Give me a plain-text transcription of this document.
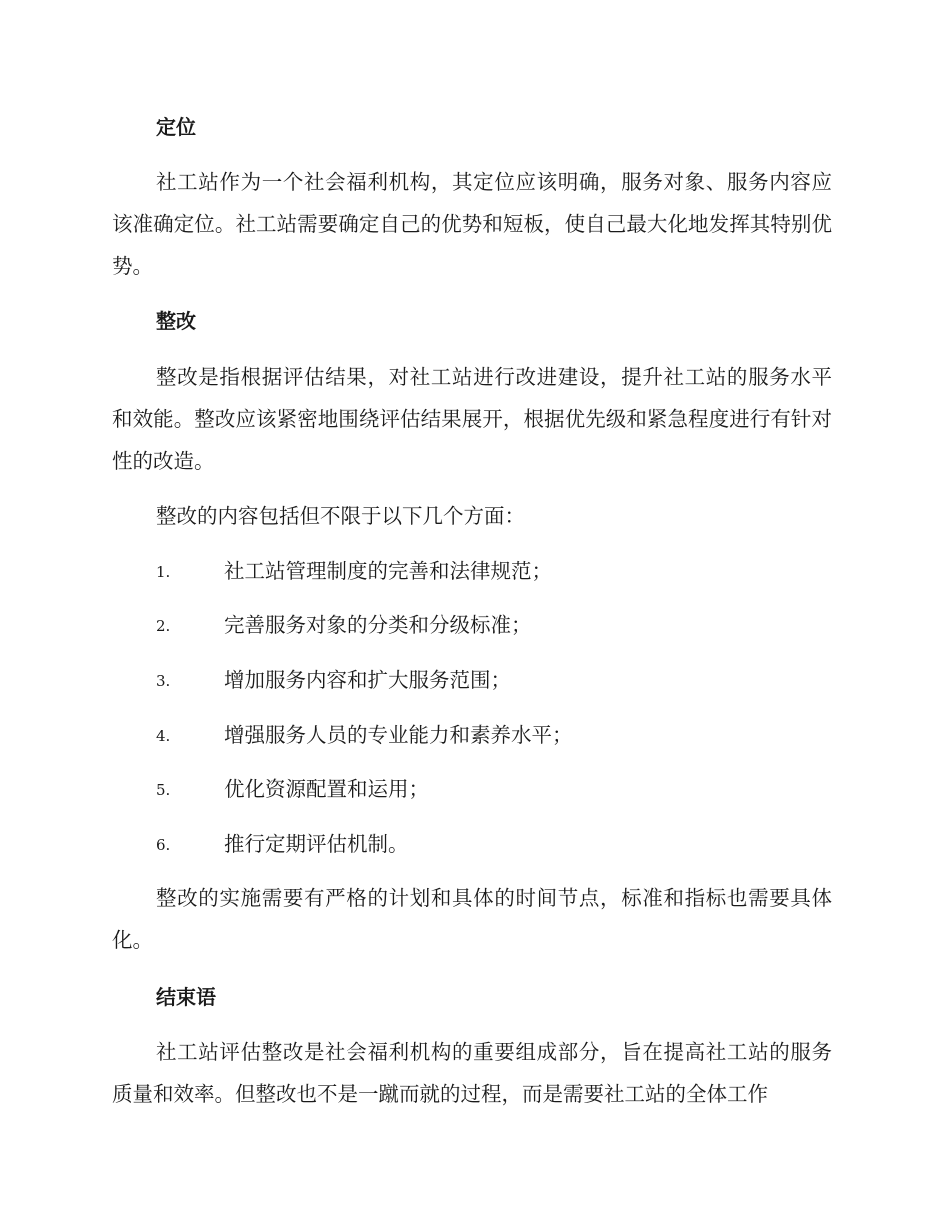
定位
社工站作为一个社会福利机构，其定位应该明确，服务对象、服务内容应该准确定位。社工站需要确定自己的优势和短板，使自己最大化地发挥其特别优势。
整改
整改是指根据评估结果，对社工站进行改进建设，提升社工站的服务水平和效能。整改应该紧密地围绕评估结果展开，根据优先级和紧急程度进行有针对性的改造。
整改的内容包括但不限于以下几个方面：
1.	社工站管理制度的完善和法律规范；
2.	完善服务对象的分类和分级标准；
3.	增加服务内容和扩大服务范围；
4.	增强服务人员的专业能力和素养水平；
5.	优化资源配置和运用；
6.	推行定期评估机制。
整改的实施需要有严格的计划和具体的时间节点，标准和指标也需要具体化。
结束语
社工站评估整改是社会福利机构的重要组成部分，旨在提高社工站的服务质量和效率。但整改也不是一蹴而就的过程，而是需要社工站的全体工作
